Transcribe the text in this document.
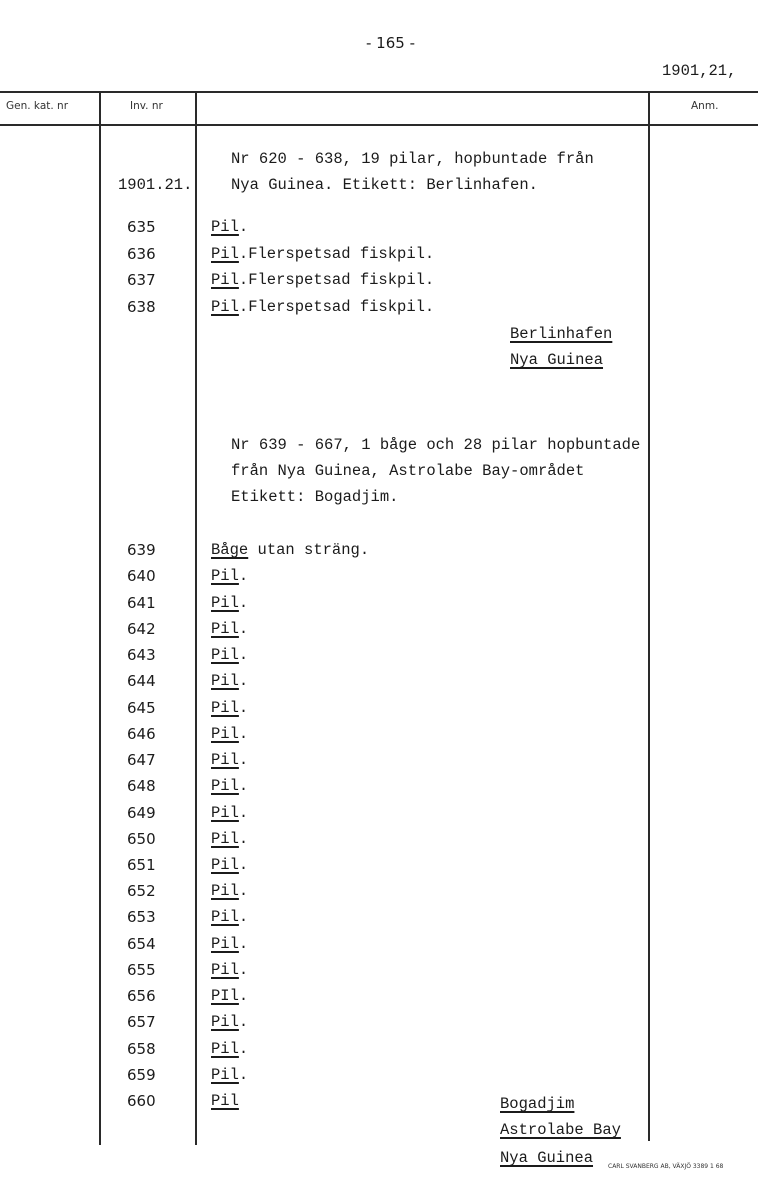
- 165 -
1901,21,
Gen. kat. nr	Inv. nr	Anm.
Nr 620 - 638, 19 pilar, hopbuntade från
1901.21. Nya Guinea. Etikett: Berlinhafen.
635	Pil.
636	Pil.Flerspetsad fiskpil.
637	Pil.Flerspetsad fiskpil.
638	Pil.Flerspetsad fiskpil.
Berlinhafen
Nya Guinea
Nr 639 - 667, 1 båge och 28 pilar hopbuntade
från Nya Guinea, Astrolabe Bay-området
Etikett: Bogadjim.
639	Båge utan sträng.
640	Pil.
641	Pil.
642	Pil.
643	Pil.
644	Pil.
645	Pil.
646	Pil.
647	Pil.
648	Pil.
649	Pil.
650	Pil.
651	Pil.
652	Pil.
653	Pil.
654	Pil.
655	Pil.
656	PIl.
657	Pil.
658	Pil.
659	Pil.
660	Pil	Bogadjim
Astrolabe Bay
Nya Guinea CARL SVANBERG AB, VÄXJÖ 3389 1 68
